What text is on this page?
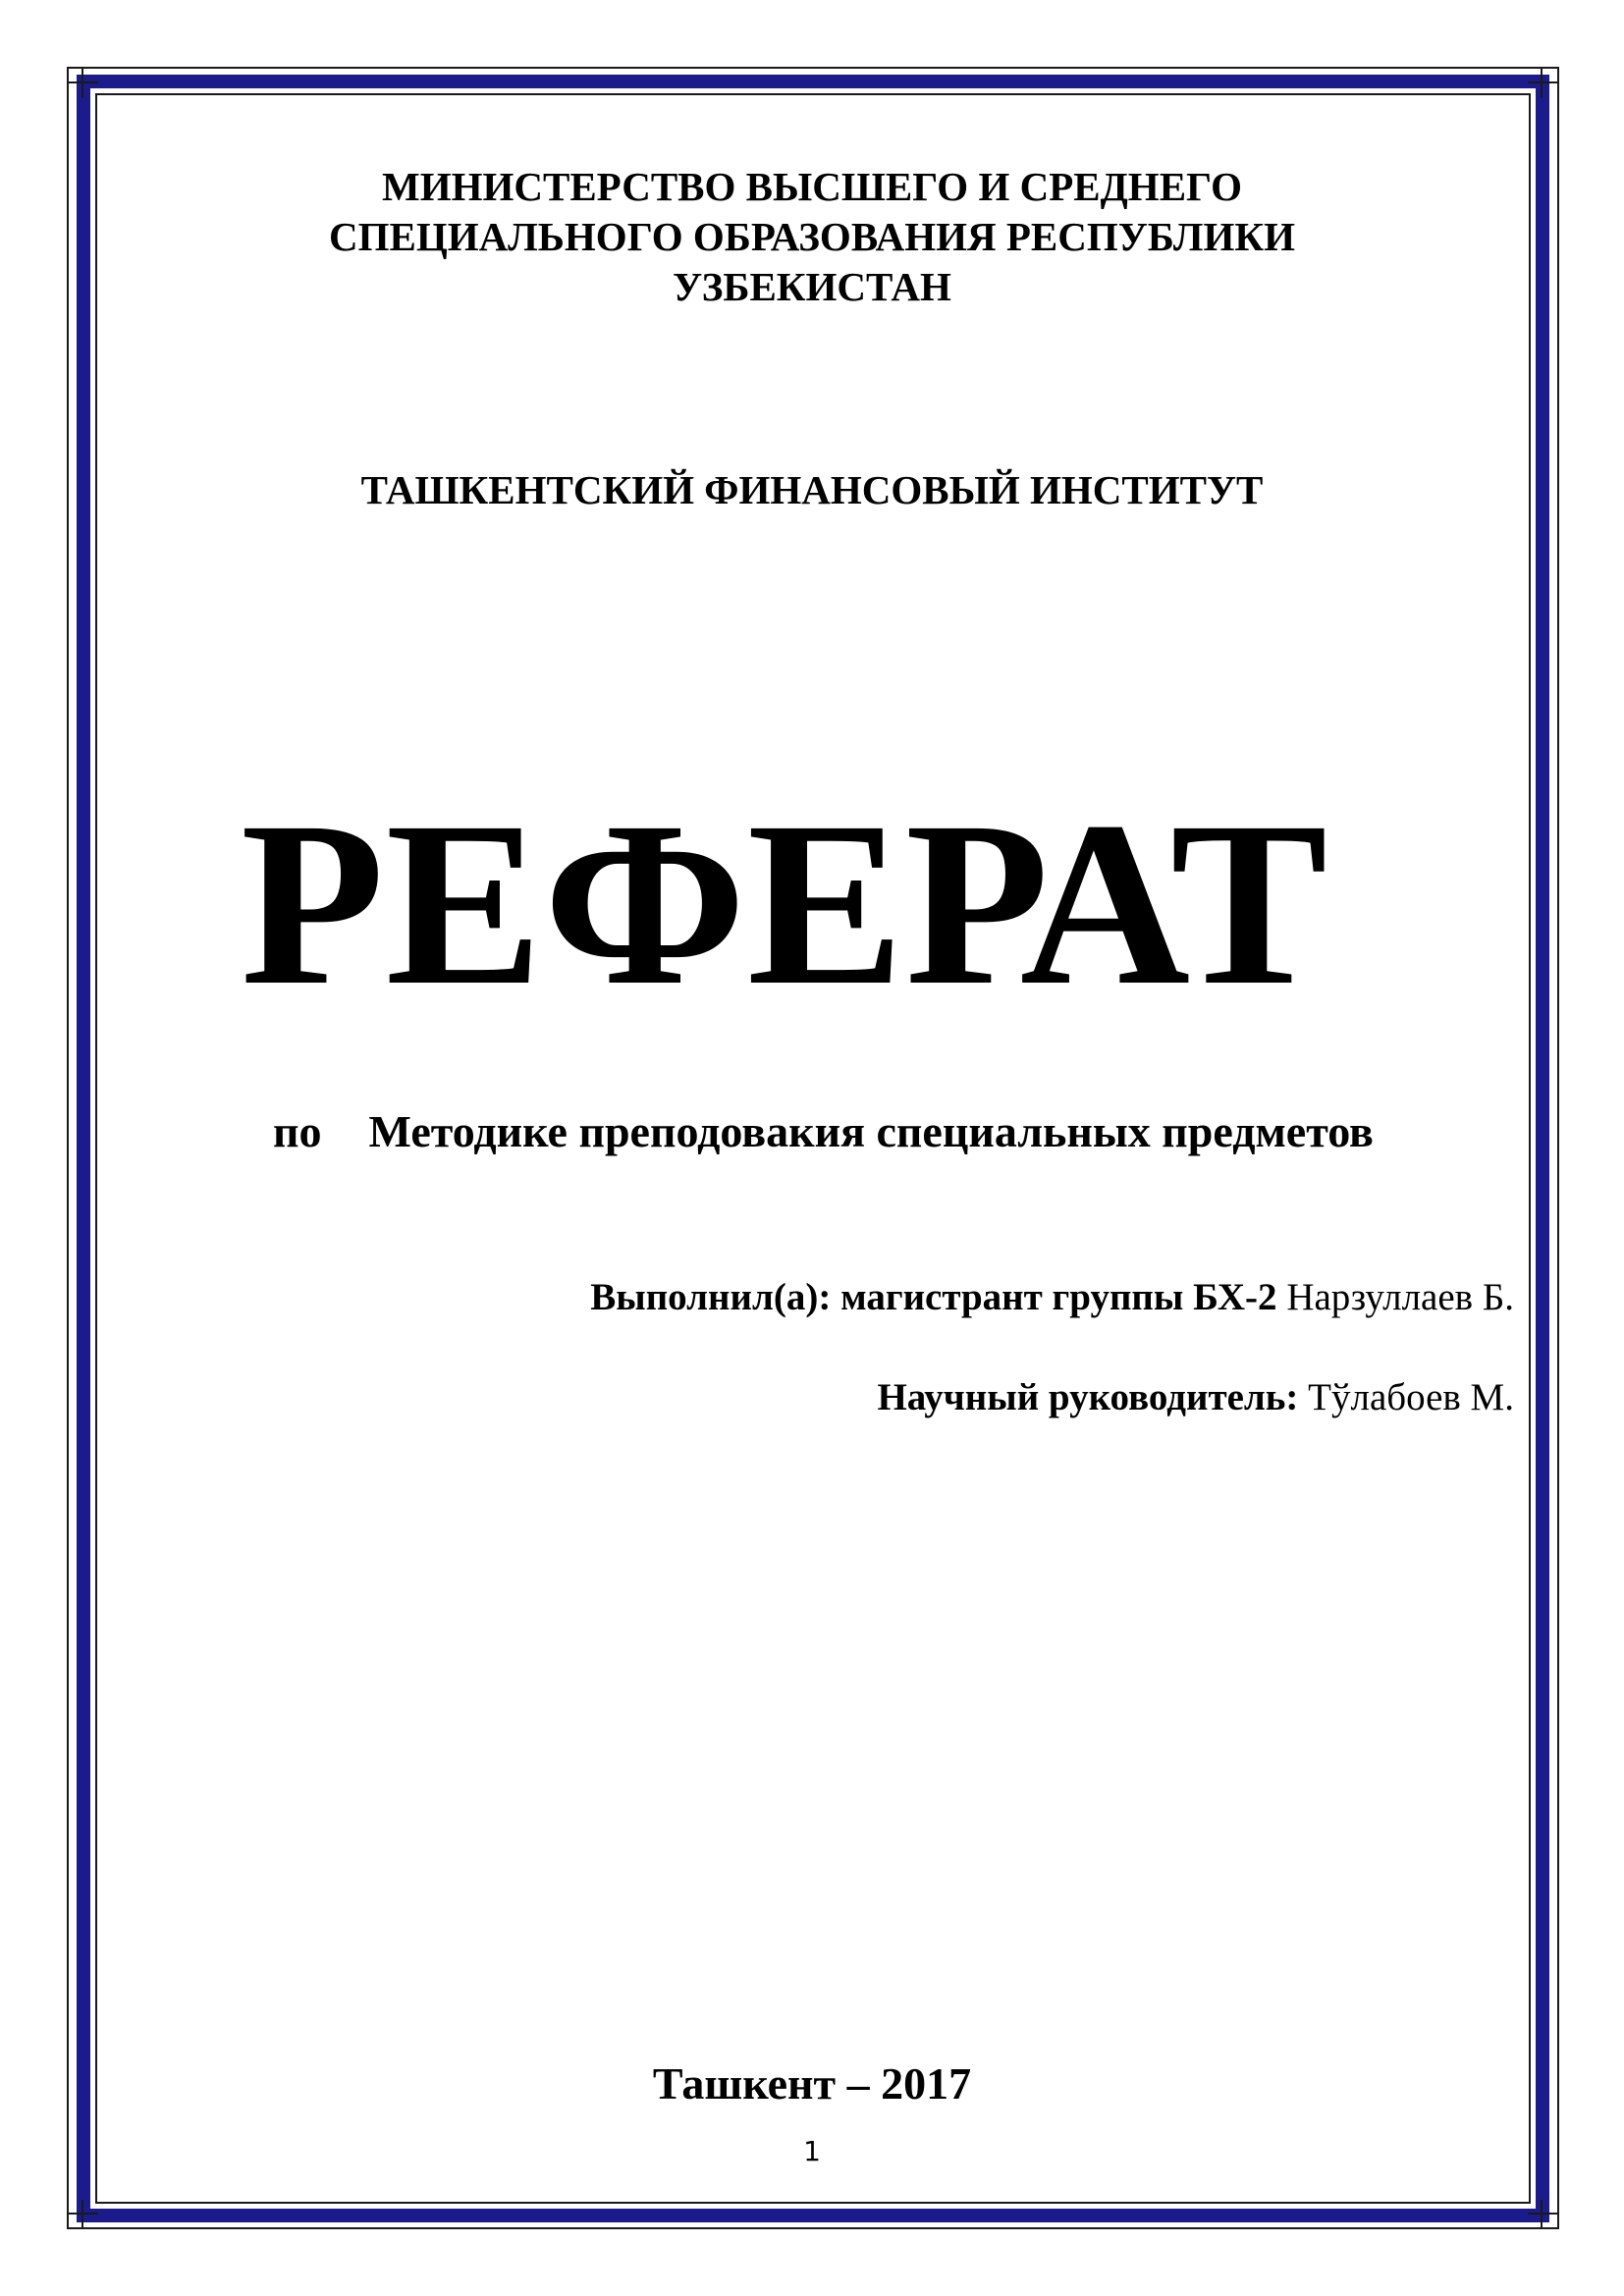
МИНИСТЕРСТВО ВЫСШЕГО И СРЕДНЕГО
СПЕЦИАЛЬНОГО ОБРАЗОВАНИЯ РЕСПУБЛИКИ
УЗБЕКИСТАН
ТАШКЕНТСКИЙ ФИНАНСОВЫЙ ИНСТИТУТ
РЕФЕРАТ
по Методике преподовакия специальных предметов
Выполнил(а): магистрант группы БХ-2 Нарзуллаев Б.
Научный руководитель: Тўлабоев М.
Ташкент – 2017
1
